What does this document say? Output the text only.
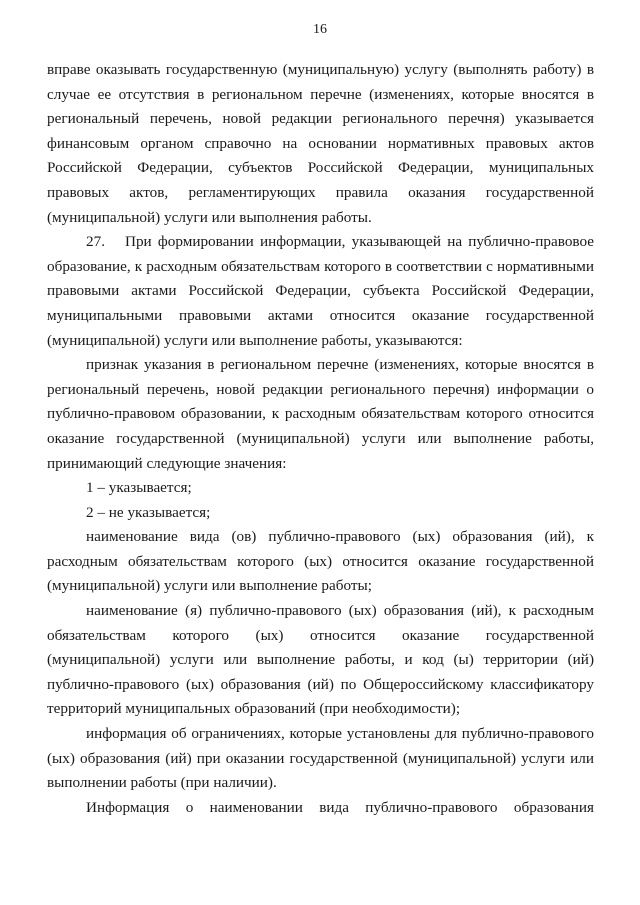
16

вправе оказывать государственную (муниципальную) услугу (выполнять работу) в случае ее отсутствия в региональном перечне (изменениях, которые вносятся в региональный перечень, новой редакции регионального перечня) указывается финансовым органом справочно на основании нормативных правовых актов Российской Федерации, субъектов Российской Федерации, муниципальных правовых актов, регламентирующих правила оказания государственной (муниципальной) услуги или выполнения работы.

27. При формировании информации, указывающей на публично-правовое образование, к расходным обязательствам которого в соответствии с нормативными правовыми актами Российской Федерации, субъекта Российской Федерации, муниципальными правовыми актами относится оказание государственной (муниципальной) услуги или выполнение работы, указываются:

признак указания в региональном перечне (изменениях, которые вносятся в региональный перечень, новой редакции регионального перечня) информации о публично-правовом образовании, к расходным обязательствам которого относится оказание государственной (муниципальной) услуги или выполнение работы, принимающий следующие значения:

1 – указывается;

2 – не указывается;

наименование вида (ов) публично-правового (ых) образования (ий), к расходным обязательствам которого (ых) относится оказание государственной (муниципальной) услуги или выполнение работы;

наименование (я) публично-правового (ых) образования (ий), к расходным обязательствам которого (ых) относится оказание государственной (муниципальной) услуги или выполнение работы, и код (ы) территории (ий) публично-правового (ых) образования (ий) по Общероссийскому классификатору территорий муниципальных образований (при необходимости);

информация об ограничениях, которые установлены для публично-правового (ых) образования (ий) при оказании государственной (муниципальной) услуги или выполнении работы (при наличии).

Информация о наименовании вида публично-правового образования
